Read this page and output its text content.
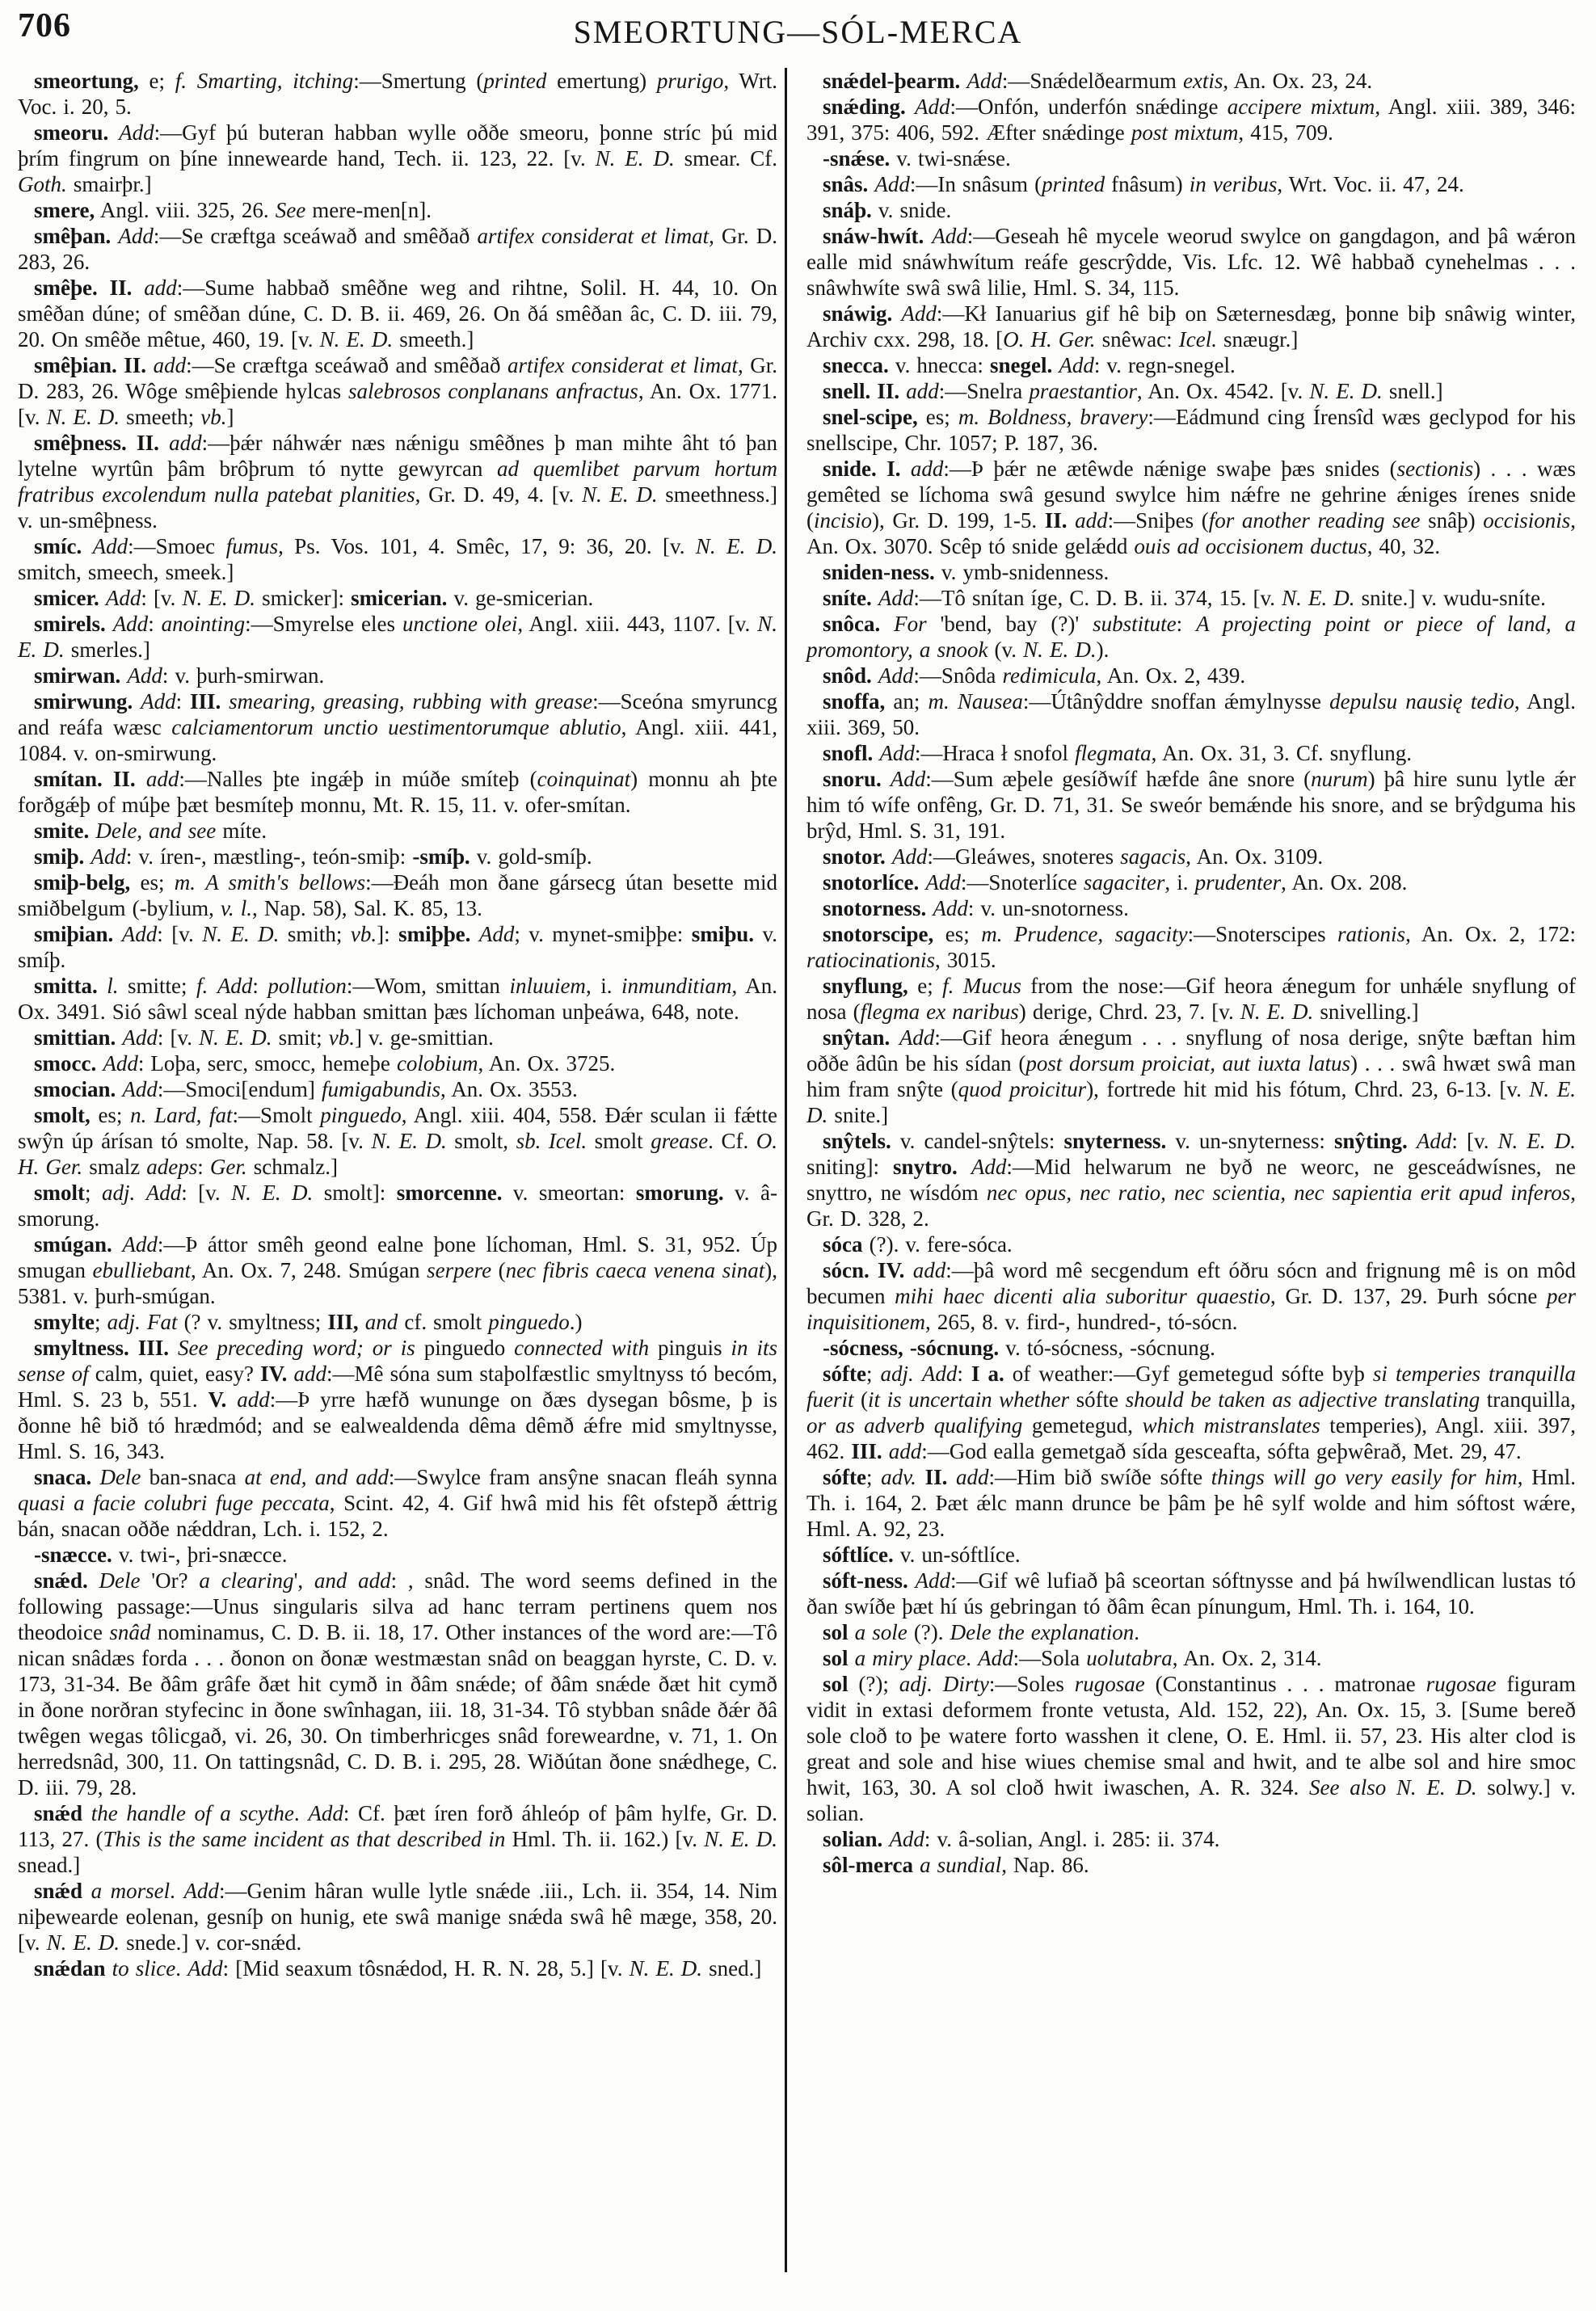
706	SMEORTUNG—SÓL-MERCA

smeortung, e; f. Smarting, itching:—Smertung (printed emertung) prurigo, Wrt. Voc. i. 20, 5.

smeoru. Add:—Gyf þú buteran habban wylle oððe smeoru, þonne stríc þú mid þrím fingrum on þíne innewearde hand, Tech. ii. 123, 22. [v. N. E. D. smear. Cf. Goth. smairþr.]

smere, Angl. viii. 325, 26. See mere-men[n].

smêþan. Add:—Se cræftga sceáwað and smêðað artifex considerat et limat, Gr. D. 283, 26.

smêþe. II. add:—Sume habbað smêðne weg and rihtne, Solil. H. 44, 10. On smêðan dúne; of smêðan dúne, C. D. B. ii. 469, 26. On ðá smêðan âc, C. D. iii. 79, 20. On smêðe mêtue, 460, 19. [v. N. E. D. smeeth.]

smêþian. II. add:—Se cræftga sceáwað and smêðað artifex considerat et limat, Gr. D. 283, 26. Wôge smêþiende hylcas salebrosos conplanans anfractus, An. Ox. 1771. [v. N. E. D. smeeth; vb.]

smêþness. II. add:—þǽr náhwǽr næs nǽnigu smêðnes þ man mihte âht tó þan lytelne wyrtûn þâm brôþrum tó nytte gewyrcan ad quemlibet parvum hortum fratribus excolendum nulla patebat planities, Gr. D. 49, 4. [v. N. E. D. smeethness.] v. un-smêþness.

smíc. Add:—Smoec fumus, Ps. Vos. 101, 4. Smêc, 17, 9: 36, 20. [v. N. E. D. smitch, smeech, smeek.]

smicer. Add: [v. N. E. D. smicker]: smicerian. v. ge-smicerian.

smirels. Add: anointing:—Smyrelse eles unctione olei, Angl. xiii. 443, 1107. [v. N. E. D. smerles.]

smirwan. Add: v. þurh-smirwan.

smirwung. Add: III. smearing, greasing, rubbing with grease:—Sceóna smyruncg and reáfa wæsc calciamentorum unctio uestimentorumque ablutio, Angl. xiii. 441, 1084. v. on-smirwung.

smítan. II. add:—Nalles þte ingǽþ in múðe smíteþ (coinquinat) monnu ah þte forðgǽþ of múþe þæt besmíteþ monnu, Mt. R. 15, 11. v. ofer-smítan.

smite. Dele, and see míte.

smiþ. Add: v. íren-, mæstling-, teón-smiþ: -smíþ. v. gold-smíþ.

smiþ-belg, es; m. A smith's bellows:—Ðeáh mon ðane gársecg útan besette mid smiðbelgum (-bylium, v. l., Nap. 58), Sal. K. 85, 13.

smiþian. Add: [v. N. E. D. smith; vb.]: smiþþe. Add; v. mynet-smiþþe: smiþu. v. smíþ.

smitta. l. smitte; f. Add: pollution:—Wom, smittan inluuiem, i. inmunditiam, An. Ox. 3491. Sió sâwl sceal nýde habban smittan þæs líchoman unþeáwa, 648, note.

smittian. Add: [v. N. E. D. smit; vb.] v. ge-smittian.

smocc. Add: Loþa, serc, smocc, hemeþe colobium, An. Ox. 3725.

smocian. Add:—Smoci[endum] fumigabundis, An. Ox. 3553.

smolt, es; n. Lard, fat:—Smolt pinguedo, Angl. xiii. 404, 558. Ðǽr sculan ii fǽtte swŷn úp árísan tó smolte, Nap. 58. [v. N. E. D. smolt, sb. Icel. smolt grease. Cf. O. H. Ger. smalz adeps: Ger. schmalz.]

smolt; adj. Add: [v. N. E. D. smolt]: smorcenne. v. smeortan: smorung. v. â-smorung.

smúgan. Add:—Þ áttor smêh geond ealne þone líchoman, Hml. S. 31, 952. Úp smugan ebulliebant, An. Ox. 7, 248. Smúgan serpere (nec fibris caeca venena sinat), 5381. v. þurh-smúgan.

smylte; adj. Fat (? v. smyltness; III, and cf. smolt pinguedo.)

smyltness. III. See preceding word; or is pinguedo connected with pinguis in its sense of calm, quiet, easy? IV. add:—Mê sóna sum staþolfæstlic smyltnyss tó becóm, Hml. S. 23 b, 551. V. add:—Þ yrre hæfð wununge on ðæs dysegan bôsme, þ is ðonne hê bið tó hrædmód; and se ealwealdenda dêma dêmð ǽfre mid smyltnysse, Hml. S. 16, 343.

snaca. Dele ban-snaca at end, and add:—Swylce fram ansŷne snacan fleáh synna quasi a facie colubri fuge peccata, Scint. 42, 4. Gif hwâ mid his fêt ofstepð ǽttrig bán, snacan oððe nǽddran, Lch. i. 152, 2.

-snæcce. v. twi-, þri-snæcce.

snǽd. Dele 'Or? a clearing', and add: , snâd. The word seems defined in the following passage:—Unus singularis silva ad hanc terram pertinens quem nos theodoice snâd nominamus, C. D. B. ii. 18, 17. Other instances of the word are:—Tô nican snâdæs forda . . . ðonon on ðonæ westmæstan snâd on beaggan hyrste, C. D. v. 173, 31-34. Be ðâm grâfe ðæt hit cymð in ðâm snǽde; of ðâm snǽde ðæt hit cymð in ðone norðran styfecinc in ðone swînhagan, iii. 18, 31-34. Tô stybban snâde ðǽr ðâ twêgen wegas tôlicgað, vi. 26, 30. On timberhricges snâd foreweardne, v. 71, 1. On herredsnâd, 300, 11. On tattingsnâd, C. D. B. i. 295, 28. Wiðútan ðone snǽdhege, C. D. iii. 79, 28.

snǽd the handle of a scythe. Add: Cf. þæt íren forð áhleóp of þâm hylfe, Gr. D. 113, 27. (This is the same incident as that described in Hml. Th. ii. 162.) [v. N. E. D. snead.]

snǽd a morsel. Add:—Genim hâran wulle lytle snǽde .iii., Lch. ii. 354, 14. Nim niþewearde eolenan, gesníþ on hunig, ete swâ manige snǽda swâ hê mæge, 358, 20. [v. N. E. D. snede.] v. cor-snǽd.

snǽdan to slice. Add: [Mid seaxum tôsnǽdod, H. R. N. 28, 5.] [v. N. E. D. sned.]

snǽdel-þearm. Add:—Snǽdelðearmum extis, An. Ox. 23, 24.

snǽding. Add:—Onfón, underfón snǽdinge accipere mixtum, Angl. xiii. 389, 346: 391, 375: 406, 592. Æfter snǽdinge post mixtum, 415, 709.

-snǽse. v. twi-snǽse.

snâs. Add:—In snâsum (printed fnâsum) in veribus, Wrt. Voc. ii. 47, 24.

snáþ. v. snide.

snáw-hwít. Add:—Geseah hê mycele weorud swylce on gangdagon, and þâ wǽron ealle mid snáwhwítum reáfe gescrŷdde, Vis. Lfc. 12. Wê habbað cynehelmas . . . snâwhwíte swâ swâ lilie, Hml. S. 34, 115.

snáwig. Add:—Kł Ianuarius gif hê biþ on Sæternesdæg, þonne biþ snâwig winter, Archiv cxx. 298, 18. [O. H. Ger. snêwac: Icel. snæugr.]

snecca. v. hnecca: snegel. Add: v. regn-snegel.

snell. II. add:—Snelra praestantior, An. Ox. 4542. [v. N. E. D. snell.]

snel-scipe, es; m. Boldness, bravery:—Eádmund cing Írensîd wæs geclypod for his snellscipe, Chr. 1057; P. 187, 36.

snide. I. add:—Þ þǽr ne ætêwde nǽnige swaþe þæs snides (sectionis) . . . wæs gemêted se líchoma swâ gesund swylce him nǽfre ne gehrine ǽniges írenes snide (incisio), Gr. D. 199, 1-5. II. add:—Sniþes (for another reading see snâþ) occisionis, An. Ox. 3070. Scêp tó snide gelǽdd ouis ad occisionem ductus, 40, 32.

sniden-ness. v. ymb-snidenness.

sníte. Add:—Tô snítan íge, C. D. B. ii. 374, 15. [v. N. E. D. snite.] v. wudu-sníte.

snôca. For 'bend, bay (?)' substitute: A projecting point or piece of land, a promontory, a snook (v. N. E. D.).

snôd. Add:—Snôda redimicula, An. Ox. 2, 439.

snoffa, an; m. Nausea:—Útânŷddre snoffan ǽmylnysse depulsu nausię tedio, Angl. xiii. 369, 50.

snofl. Add:—Hraca ł snofol flegmata, An. Ox. 31, 3. Cf. snyflung.

snoru. Add:—Sum æþele gesíðwíf hæfde âne snore (nurum) þâ hire sunu lytle ǽr him tó wífe onfêng, Gr. D. 71, 31. Se sweór bemǽnde his snore, and se brŷdguma his brŷd, Hml. S. 31, 191.

snotor. Add:—Gleáwes, snoteres sagacis, An. Ox. 3109.

snotorlíce. Add:—Snoterlíce sagaciter, i. prudenter, An. Ox. 208.

snotorness. Add: v. un-snotorness.

snotorscipe, es; m. Prudence, sagacity:—Snoterscipes rationis, An. Ox. 2, 172: ratiocinationis, 3015.

snyflung, e; f. Mucus from the nose:—Gif heora ǽnegum for unhǽle snyflung of nosa (flegma ex naribus) derige, Chrd. 23, 7. [v. N. E. D. snivelling.]

snŷtan. Add:—Gif heora ǽnegum . . . snyflung of nosa derige, snŷte bæftan him oððe âdûn be his sídan (post dorsum proiciat, aut iuxta latus) . . . swâ hwæt swâ man him fram snŷte (quod proicitur), fortrede hit mid his fótum, Chrd. 23, 6-13. [v. N. E. D. snite.]

snŷtels. v. candel-snŷtels: snyterness. v. un-snyterness: snŷting. Add: [v. N. E. D. sniting]: snytro. Add:—Mid helwarum ne byð ne weorc, ne gesceádwísnes, ne snyttro, ne wísdóm nec opus, nec ratio, nec scientia, nec sapientia erit apud inferos, Gr. D. 328, 2.

sóca (?). v. fere-sóca.

sócn. IV. add:—þâ word mê secgendum eft óðru sócn and frignung mê is on môd becumen mihi haec dicenti alia suboritur quaestio, Gr. D. 137, 29. Þurh sócne per inquisitionem, 265, 8. v. fird-, hundred-, tó-sócn.

-sócness, -sócnung. v. tó-sócness, -sócnung.

sófte; adj. Add: I a. of weather:—Gyf gemetegud sófte byþ si temperies tranquilla fuerit (it is uncertain whether sófte should be taken as adjective translating tranquilla, or as adverb qualifying gemetegud, which mistranslates temperies), Angl. xiii. 397, 462. III. add:—God ealla gemetgað sída gesceafta, sófta geþwêrað, Met. 29, 47.

sófte; adv. II. add:—Him bið swíðe sófte things will go very easily for him, Hml. Th. i. 164, 2. Þæt ǽlc mann drunce be þâm þe hê sylf wolde and him sóftost wǽre, Hml. A. 92, 23.

sóftlíce. v. un-sóftlíce.

sóft-ness. Add:—Gif wê lufiað þâ sceortan sóftnysse and þá hwílwendlican lustas tó ðan swíðe þæt hí ús gebringan tó ðâm êcan pínungum, Hml. Th. i. 164, 10.

sol a sole (?). Dele the explanation.

sol a miry place. Add:—Sola uolutabra, An. Ox. 2, 314.

sol (?); adj. Dirty:—Soles rugosae (Constantinus . . . matronae rugosae figuram vidit in extasi deformem fronte vetusta, Ald. 152, 22), An. Ox. 15, 3. [Sume bereð sole cloð to þe watere forto wasshen it clene, O. E. Hml. ii. 57, 23. His alter clod is great and sole and hise wiues chemise smal and hwit, and te albe sol and hire smoc hwit, 163, 30. A sol cloð hwit iwaschen, A. R. 324. See also N. E. D. solwy.] v. solian.

solian. Add: v. â-solian, Angl. i. 285: ii. 374.

sôl-merca a sundial, Nap. 86.
